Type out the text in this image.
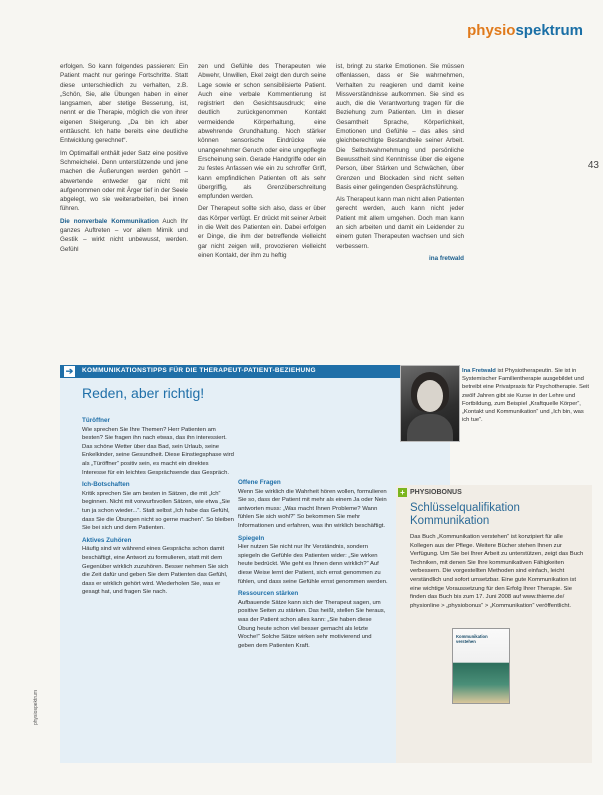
physiospektrum
43

erfolgen. So kann folgendes passieren: Ein Patient macht nur geringe Fortschritte. Statt diese unterschiedlich zu verhalten, z.B. „Schön, Sie, alle Übungen haben in einer langsamen, aber stetige Besserung, ist, nennt er die Therapie, möglich die von ihrer eigenen Steigerung. „Da bin ich aber enttäuscht. Ich hatte bereits eine deutliche Entwicklung gerechnet“.

Im Optimalfall enthält jeder Satz eine positive Schmeichelei. Denn unterstützende und jene machen die Äußerungen werden gehört – abwertende entweder gar nicht mit aufgenommen oder mit Ärger tief in der Seele abgelegt, wo sie weiterarbeiten, bei innen führen.

Die nonverbale Kommunikation Auch Ihr ganzes Auftreten – vor allem Mimik und Gestik – wirkt nicht unbewusst, werden. Gefühl

zen und Gefühle des Therapeuten wie Abwehr, Unwillen, Ekel zeigt den durch seine Lage sowie er schon sensibilisierte Patient. Auch eine verbale Kommentierung ist registriert den Gesichtsausdruck; eine deutlich zurückgenommen Kontakt vermeidende Körperhaltung, eine abwehrende Grundhaltung. Noch stärker können sensorische Eindrücke wie unangenehmer Geruch oder eine ungepflegte Erscheinung sein. Gerade Handgriffe oder ein zu festes Anfassen wie ein zu schroffer Griff, kann empfindlichen Patienten oft als sehr übergriffig, als Grenzüberschreitung empfunden werden.

Der Therapeut sollte sich also, dass er über das Körper verfügt. Er drückt mit seiner Arbeit in die Welt des Patienten ein. Dabei erfolgen er Dinge, die ihm der betreffende vielleicht gar nicht zeigen will, provozieren vielleicht einen Kontakt, der ihm zu heftig

ist, bringt zu starke Emotionen. Sie müssen offenlassen, dass er Sie wahrnehmen, Verhalten zu reagieren und damit keine Missverständnisse aufkommen. Sie sind es auch, die die Verantwortung tragen für die Beziehung zum Patienten. Um in dieser Gesamtheit Sprache, Körperlichkeit, Emotionen und Gefühle – das alles sind gleichberechtigte Bestandteile seiner Arbeit. Die Selbstwahrnehmung und persönliche Bewusstheit sind Kenntnisse über die eigene Person, über Stärken und Schwächen, über Grenzen und Blockaden sind nicht selten Basis einer gelingenden Gesprächsführung.

Als Therapeut kann man nicht allen Patienten gerecht werden, auch kann nicht jeder Patient mit allem umgehen. Doch man kann an sich arbeiten und damit ein Leidender zu einem guten Therapeuten wachsen und sich verbessern.

ina fretwald
➔ KOMMUNIKATIONSTIPPS FÜR DIE THERAPEUT-PATIENT-BEZIEHUNG
Reden, aber richtig!
Türöffner

Wie sprechen Sie Ihre Themen? Herr Patienten am besten? Sie fragen ihn nach etwas, das ihn interessiert. Das schöne Wetter über das Bad, sein Urlaub, seine Enkelkinder, seine Gesundheit. Diese Einstiegsphase wird als „Türöffner“ positiv sein, es macht ein direktes Interesse für ein leichtes Gesprächsende das Gespräch.

Ich-Botschaften

Kritik sprechen Sie am besten in Sätzen, die mit „Ich“ beginnen. Nicht mit vorwurfsvollen Sätzen, wie etwa „Sie tun ja schon wieder...“. Statt selbst „Ich habe das Gefühl, dass Sie die Übungen nicht so gerne machen“. So bleiben Sie bei sich und dem Patienten.

Aktives Zuhören

Häufig sind wir während eines Gesprächs schon damit beschäftigt, eine Antwort zu formulieren, statt mit dem Gegenüber wirklich zuzuhören. Besser nehmen Sie sich die Zeit dafür und geben Sie dem Patienten das Gefühl, dass er wirklich gehört wird. Wiederholen Sie, was er gesagt hat, und fragen Sie nach.

Offene Fragen

Wenn Sie wirklich die Wahrheit hören wollen, formulieren Sie so, dass der Patient mit mehr als einem Ja oder Nein antworten muss: „Was macht Ihnen Probleme? Wann fühlen Sie sich wohl?“ So bekommen Sie mehr Informationen und erfahren, was ihn wirklich beschäftigt.

Spiegeln

Hier nutzen Sie nicht nur Ihr Verständnis, sondern spiegeln die Gefühle des Patienten wider: „Sie wirken heute bedrückt. Wie geht es Ihnen denn wirklich?“ Auf diese Weise lernt der Patient, sich ernst genommen zu fühlen, und dass seine Gefühle ernst genommen werden.

Ressourcen stärken

Aufbauende Sätze kann sich der Therapeut sagen, um positive Seiten zu stärken. Das heißt, stellen Sie heraus, was der Patient schon alles kann: „Sie haben diese Übung heute schon viel besser gemacht als letzte Woche!“ Solche Sätze wirken sehr motivierend und geben dem Patienten Kraft.

Ina Fretwald ist Physiotherapeutin. Sie ist in Systemischer Familientherapie ausgebildet und betreibt eine Privatpraxis für Psychotherapie. Seit zwölf Jahren gibt sie Kurse in der Lehre und Fortbildung, zum Beispiel „Kraftquelle Körper“, „Kontakt und Kommunikation“ und „Ich bin, was ich tue“.
+ PHYSIOBONUS
Schlüsselqualifikation Kommunikation
Das Buch „Kommunikation verstehen“ ist konzipiert für alle Kollegen aus der Pflege. Weitere Bücher stehen Ihnen zur Verfügung. Um Sie bei Ihrer Arbeit zu unterstützen, zeigt das Buch Techniken, mit denen Sie Ihre kommunikativen Fähigkeiten verbessern. Die vorgestellten Methoden sind einfach, leicht verständlich und sofort umsetzbar. Eine gute Kommunikation ist eine wichtige Voraussetzung für den Erfolg Ihrer Therapie. Sie finden das Buch bis zum 17. Juni 2008 auf www.thieme.de/ physionline > „physiobonus“ > „Kommunikation“ veröffentlicht.
Kommunikation verstehen
physiospektrum
